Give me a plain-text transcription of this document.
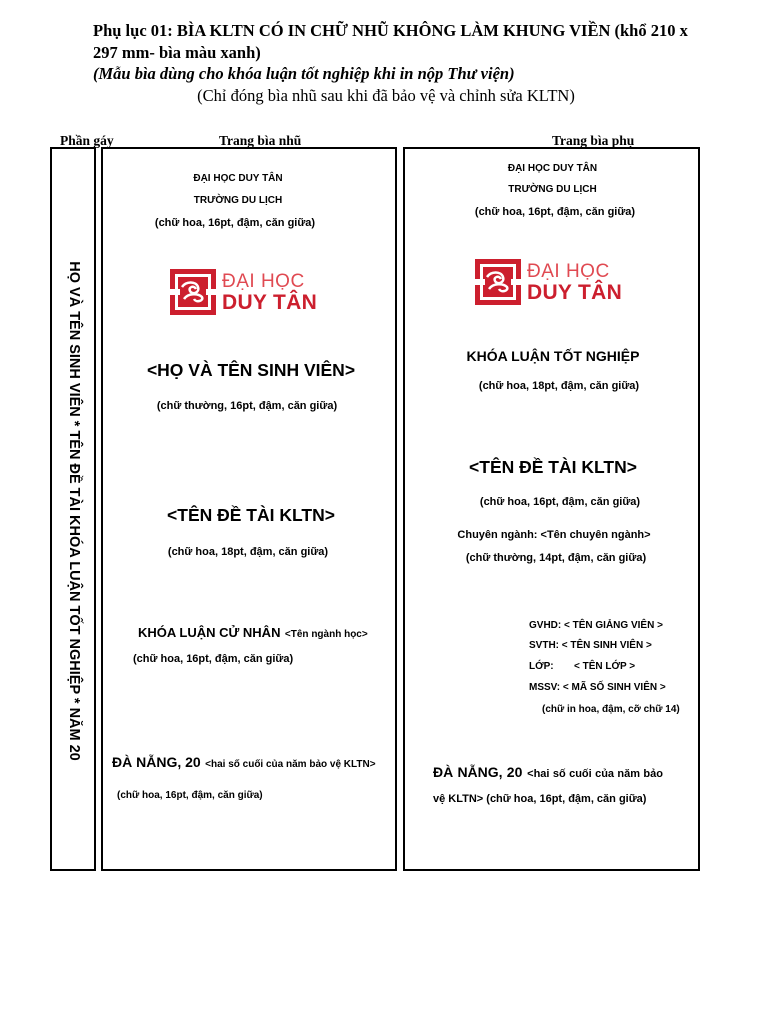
Phụ lục 01: BÌA KLTN CÓ IN CHỮ NHŨ KHÔNG LÀM KHUNG VIỀN (khổ 210 x 297 mm- bìa màu xanh)
(Mẫu bìa dùng cho khóa luận tốt nghiệp khi in nộp Thư viện)
(Chỉ đóng bìa nhũ sau khi đã bảo vệ và chỉnh sửa KLTN)
Phần gáy	Trang bìa nhũ	Trang bìa phụ
HỌ VÀ TÊN SINH VIÊN * TÊN ĐỀ TÀI KHÓA LUẬN TỐT NGHIỆP * NĂM 20
ĐẠI HỌC DUY TÂN
TRƯỜNG DU LỊCH
(chữ hoa, 16pt, đậm, căn giữa)
ĐẠI HỌC
DUY TÂN
<HỌ VÀ TÊN SINH VIÊN>
(chữ thường, 16pt, đậm, căn giữa)
<TÊN ĐỀ TÀI KLTN>
(chữ hoa, 18pt, đậm, căn giữa)
KHÓA LUẬN CỬ NHÂN <Tên ngành học>
(chữ hoa, 16pt, đậm, căn giữa)
ĐÀ NẴNG, 20 <hai số cuối của năm bảo vệ KLTN>
(chữ hoa, 16pt, đậm, căn giữa)
ĐẠI HỌC DUY TÂN
TRƯỜNG DU LỊCH
(chữ hoa, 16pt, đậm, căn giữa)
ĐẠI HỌC
DUY TÂN
KHÓA LUẬN TỐT NGHIỆP
(chữ hoa, 18pt, đậm, căn giữa)
<TÊN ĐỀ TÀI KLTN>
(chữ hoa, 16pt, đậm, căn giữa)
Chuyên ngành: <Tên chuyên ngành>
(chữ thường, 14pt, đậm, căn giữa)
GVHD: < TÊN GIẢNG VIÊN >
SVTH: < TÊN SINH VIÊN >
LỚP: < TÊN LỚP >
MSSV: < MÃ SỐ SINH VIÊN >
(chữ in hoa, đậm, cỡ chữ 14)
ĐÀ NẴNG, 20 <hai số cuối của năm bảo vệ KLTN> (chữ hoa, 16pt, đậm, căn giữa)
